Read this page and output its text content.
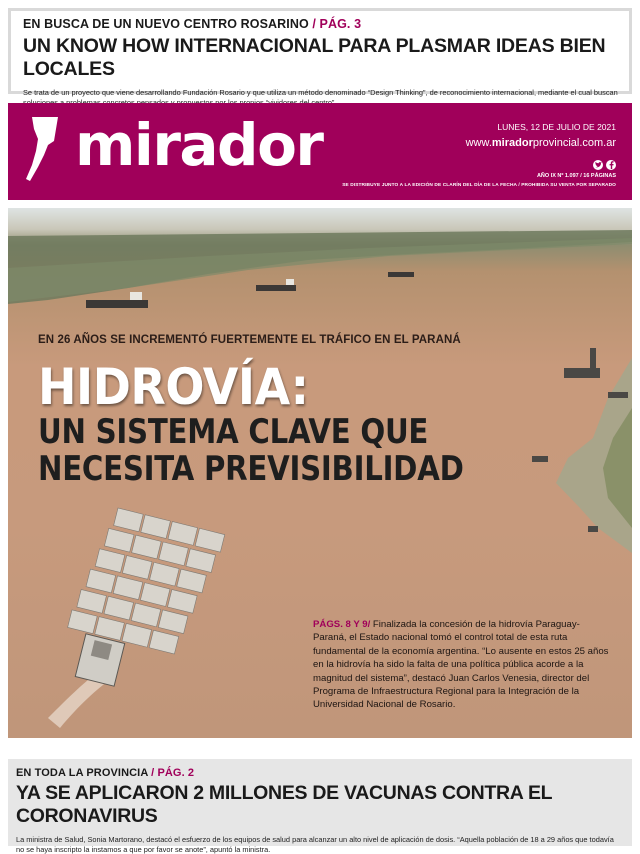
EN BUSCA DE UN NUEVO CENTRO ROSARINO / PÁG. 3
UN KNOW HOW INTERNACIONAL PARA PLASMAR IDEAS BIEN LOCALES

Se trata de un proyecto que viene desarrollando Fundación Rosario y que utiliza un método denominado “Design Thinking”, de reconocimiento internacional, mediante el cual buscan

mirador	LUNES, 12 DE JULIO DE 2021
www.miradorprovincial.com.ar
AÑO IX Nº 1.097 / 16 PÁGINAS
SE DISTRIBUYE JUNTO A LA EDICIÓN DE CLARÍN DEL DÍA DE LA FECHA / PROHIBIDA SU VENTA POR SEPARADO
EN 26 AÑOS SE INCREMENTÓ FUERTEMENTE EL TRÁFICO EN EL PARANÁ
HIDROVÍA:
UN SISTEMA CLAVE QUE
NECESITA PREVISIBILIDAD

PÁGS. 8 Y 9/ Finalizada la concesión de la hidrovía Paraguay-Paraná, el Estado nacional tomó el control total de esta ruta fundamental de la economía argentina. “Lo ausente en estos 25 años en la hidrovía ha sido la falta de una política pública acorde a la magnitud del sistema”, destacó Juan Carlos Venesia, director del Programa de Infraestructura Regional para la Integración de la Universidad Nacional de Rosario.

EN TODA LA PROVINCIA / PÁG. 2
YA SE APLICARON 2 MILLONES DE VACUNAS CONTRA EL CORONAVIRUS

La ministra de Salud, Sonia Martorano, destacó el esfuerzo de los equipos de salud para alcanzar un alto nivel de aplicación de dosis. “Aquella población de 18 a 29 años que todavía no se haya inscripto la instamos a que por favor se anote”, apuntó la ministra.
